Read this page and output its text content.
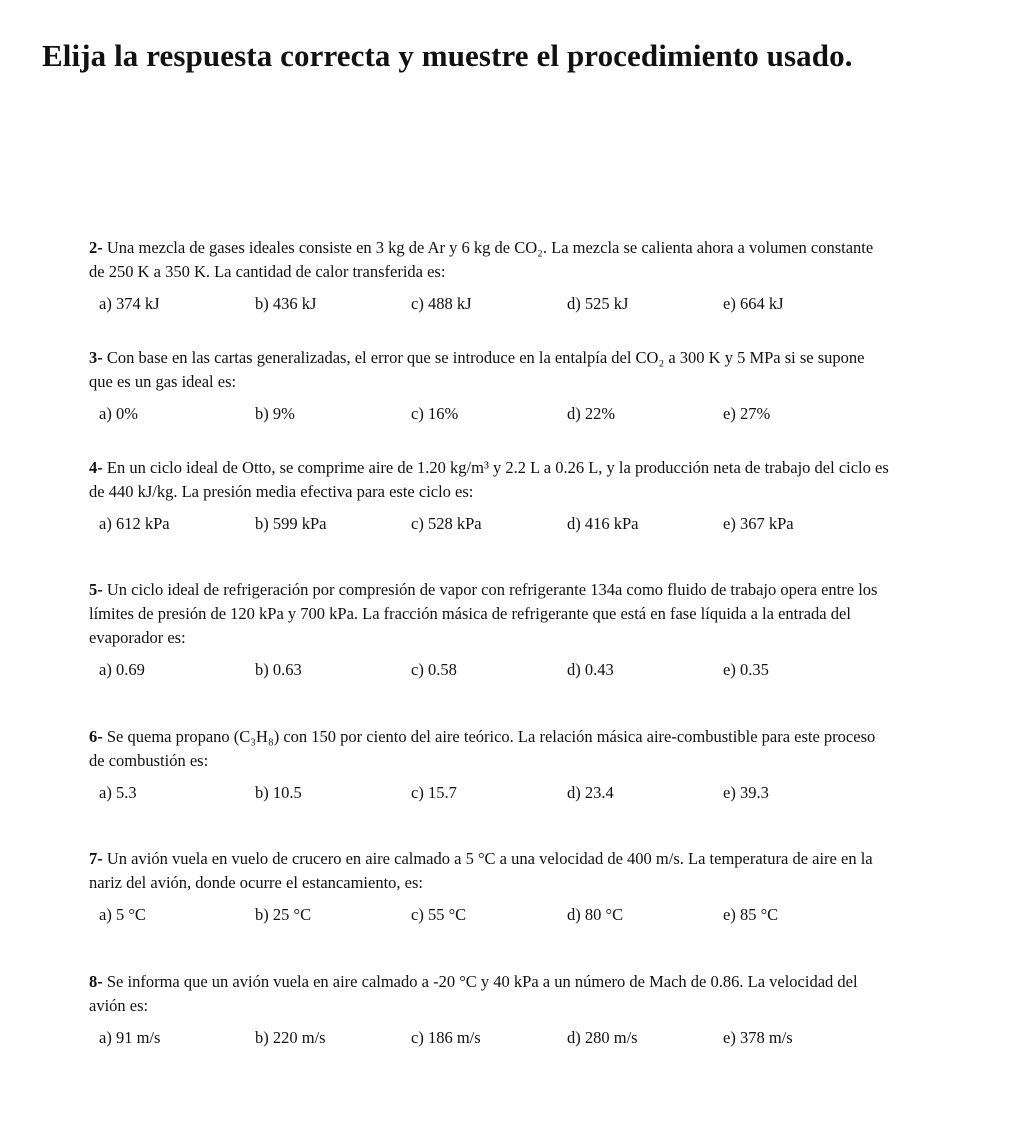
Elija la respuesta correcta y muestre el procedimiento usado.

2- Una mezcla de gases ideales consiste en 3 kg de Ar y 6 kg de CO₂. La mezcla se calienta ahora a volumen constante de 250 K a 350 K. La cantidad de calor transferida es:

a) 374 kJ	b) 436 kJ	c) 488 kJ	d) 525 kJ	e) 664 kJ

3- Con base en las cartas generalizadas, el error que se introduce en la entalpía del CO₂ a 300 K y 5 MPa si se supone que es un gas ideal es:

a) 0%	b) 9%	c) 16%	d) 22%	e) 27%

4- En un ciclo ideal de Otto, se comprime aire de 1.20 kg/m³ y 2.2 L a 0.26 L, y la producción neta de trabajo del ciclo es de 440 kJ/kg. La presión media efectiva para este ciclo es:

a) 612 kPa	b) 599 kPa	c) 528 kPa	d) 416 kPa	e) 367 kPa

5- Un ciclo ideal de refrigeración por compresión de vapor con refrigerante 134a como fluido de trabajo opera entre los límites de presión de 120 kPa y 700 kPa. La fracción másica de refrigerante que está en fase líquida a la entrada del evaporador es:

a) 0.69	b) 0.63	c) 0.58	d) 0.43	e) 0.35

6- Se quema propano (C₃H₈) con 150 por ciento del aire teórico. La relación másica aire-combustible para este proceso de combustión es:

a) 5.3	b) 10.5	c) 15.7	d) 23.4	e) 39.3

7- Un avión vuela en vuelo de crucero en aire calmado a 5 °C a una velocidad de 400 m/s. La temperatura de aire en la nariz del avión, donde ocurre el estancamiento, es:

a) 5 °C	b) 25 °C	c) 55 °C	d) 80 °C	e) 85 °C

8- Se informa que un avión vuela en aire calmado a -20 °C y 40 kPa a un número de Mach de 0.86. La velocidad del avión es:

a) 91 m/s	b) 220 m/s	c) 186 m/s	d) 280 m/s	e) 378 m/s
